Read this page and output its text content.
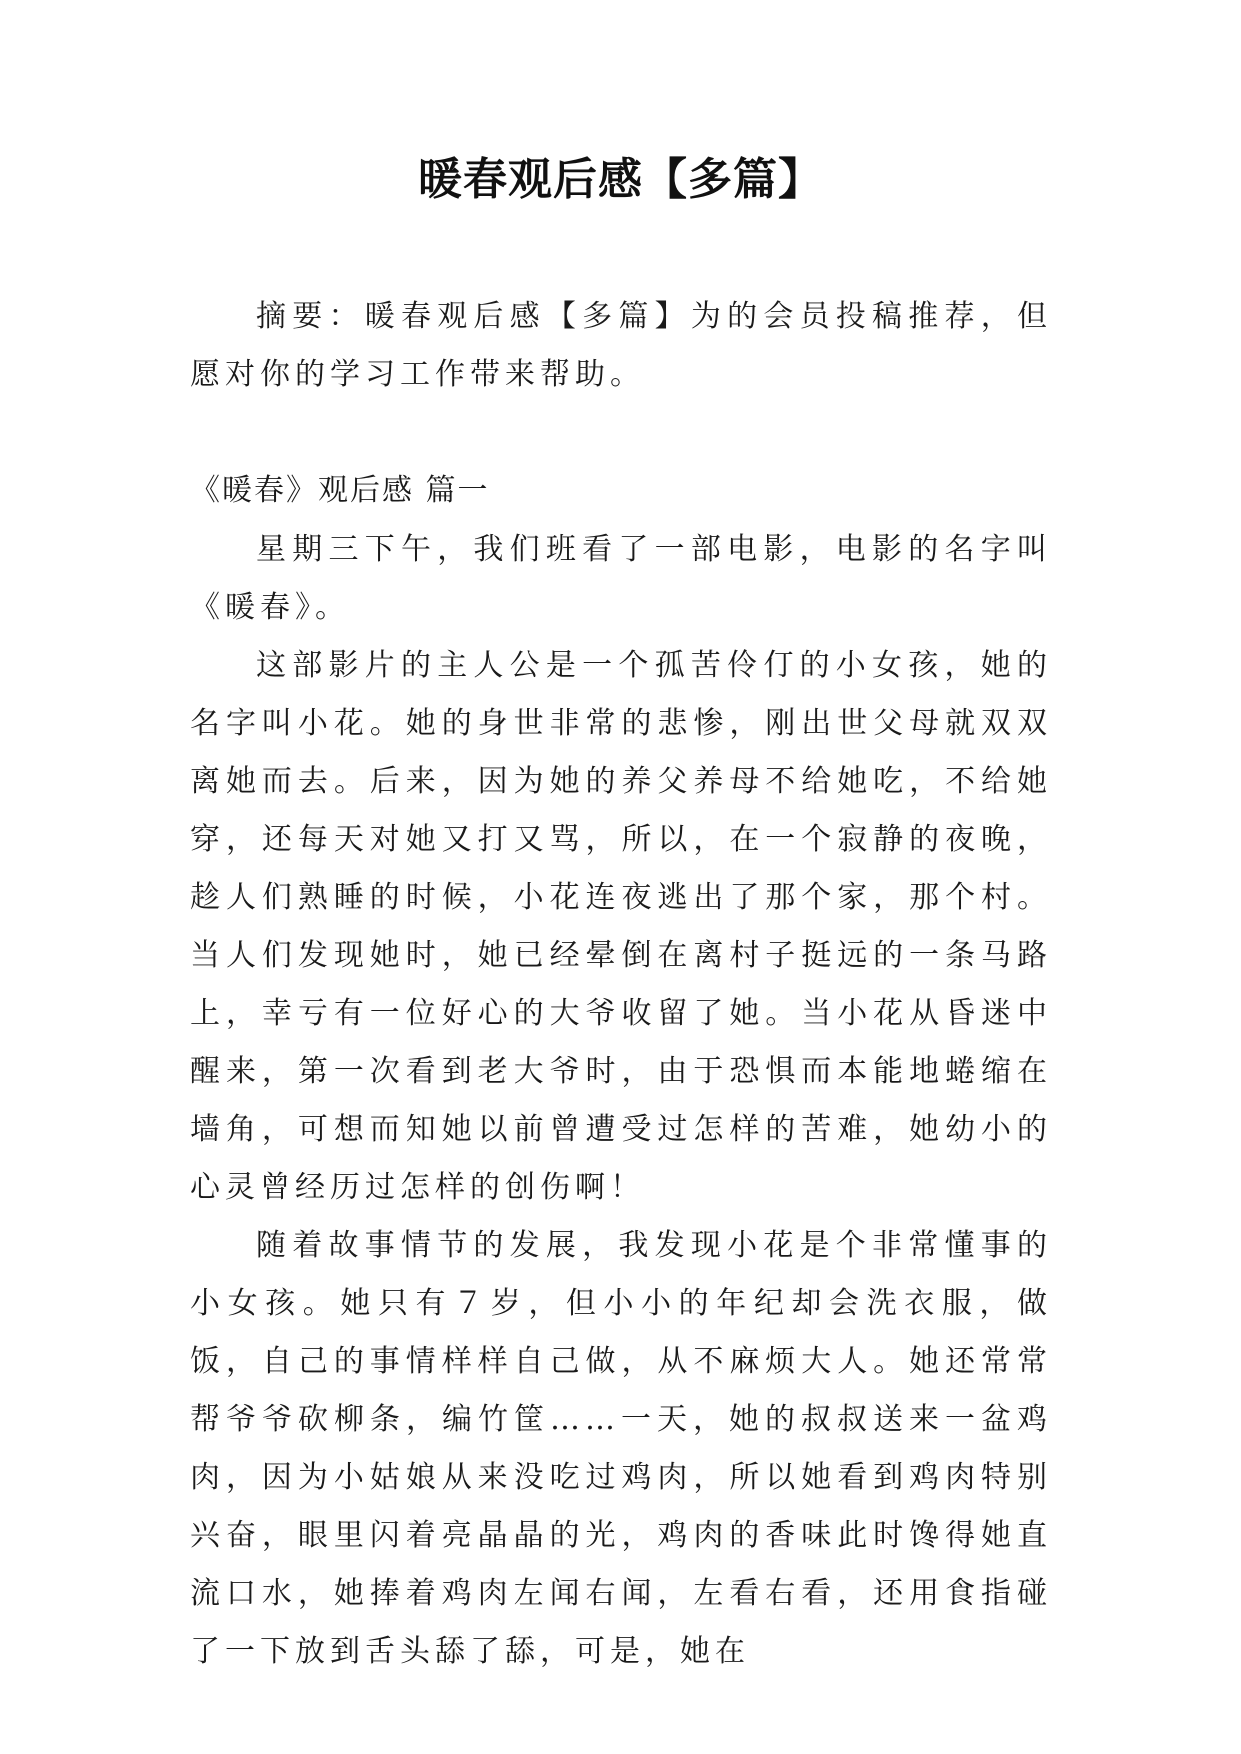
暖春观后感【多篇】

摘要：暖春观后感【多篇】为的会员投稿推荐，但愿对你的学习工作带来帮助。

《暖春》观后感 篇一

星期三下午，我们班看了一部电影，电影的名字叫《暖春》。

这部影片的主人公是一个孤苦伶仃的小女孩，她的名字叫小花。她的身世非常的悲惨，刚出世父母就双双离她而去。后来，因为她的养父养母不给她吃，不给她穿，还每天对她又打又骂，所以，在一个寂静的夜晚，趁人们熟睡的时候，小花连夜逃出了那个家，那个村。当人们发现她时，她已经晕倒在离村子挺远的一条马路上，幸亏有一位好心的大爷收留了她。当小花从昏迷中醒来，第一次看到老大爷时，由于恐惧而本能地蜷缩在墙角，可想而知她以前曾遭受过怎样的苦难，她幼小的心灵曾经历过怎样的创伤啊！

随着故事情节的发展，我发现小花是个非常懂事的小女孩。她只有７岁，但小小的年纪却会洗衣服，做饭，自己的事情样样自己做，从不麻烦大人。她还常常帮爷爷砍柳条，编竹筐……一天，她的叔叔送来一盆鸡肉，因为小姑娘从来没吃过鸡肉，所以她看到鸡肉特别兴奋，眼里闪着亮晶晶的光，鸡肉的香味此时馋得她直流口水，她捧着鸡肉左闻右闻，左看右看，还用食指碰了一下放到舌头舔了舔，可是，她在
